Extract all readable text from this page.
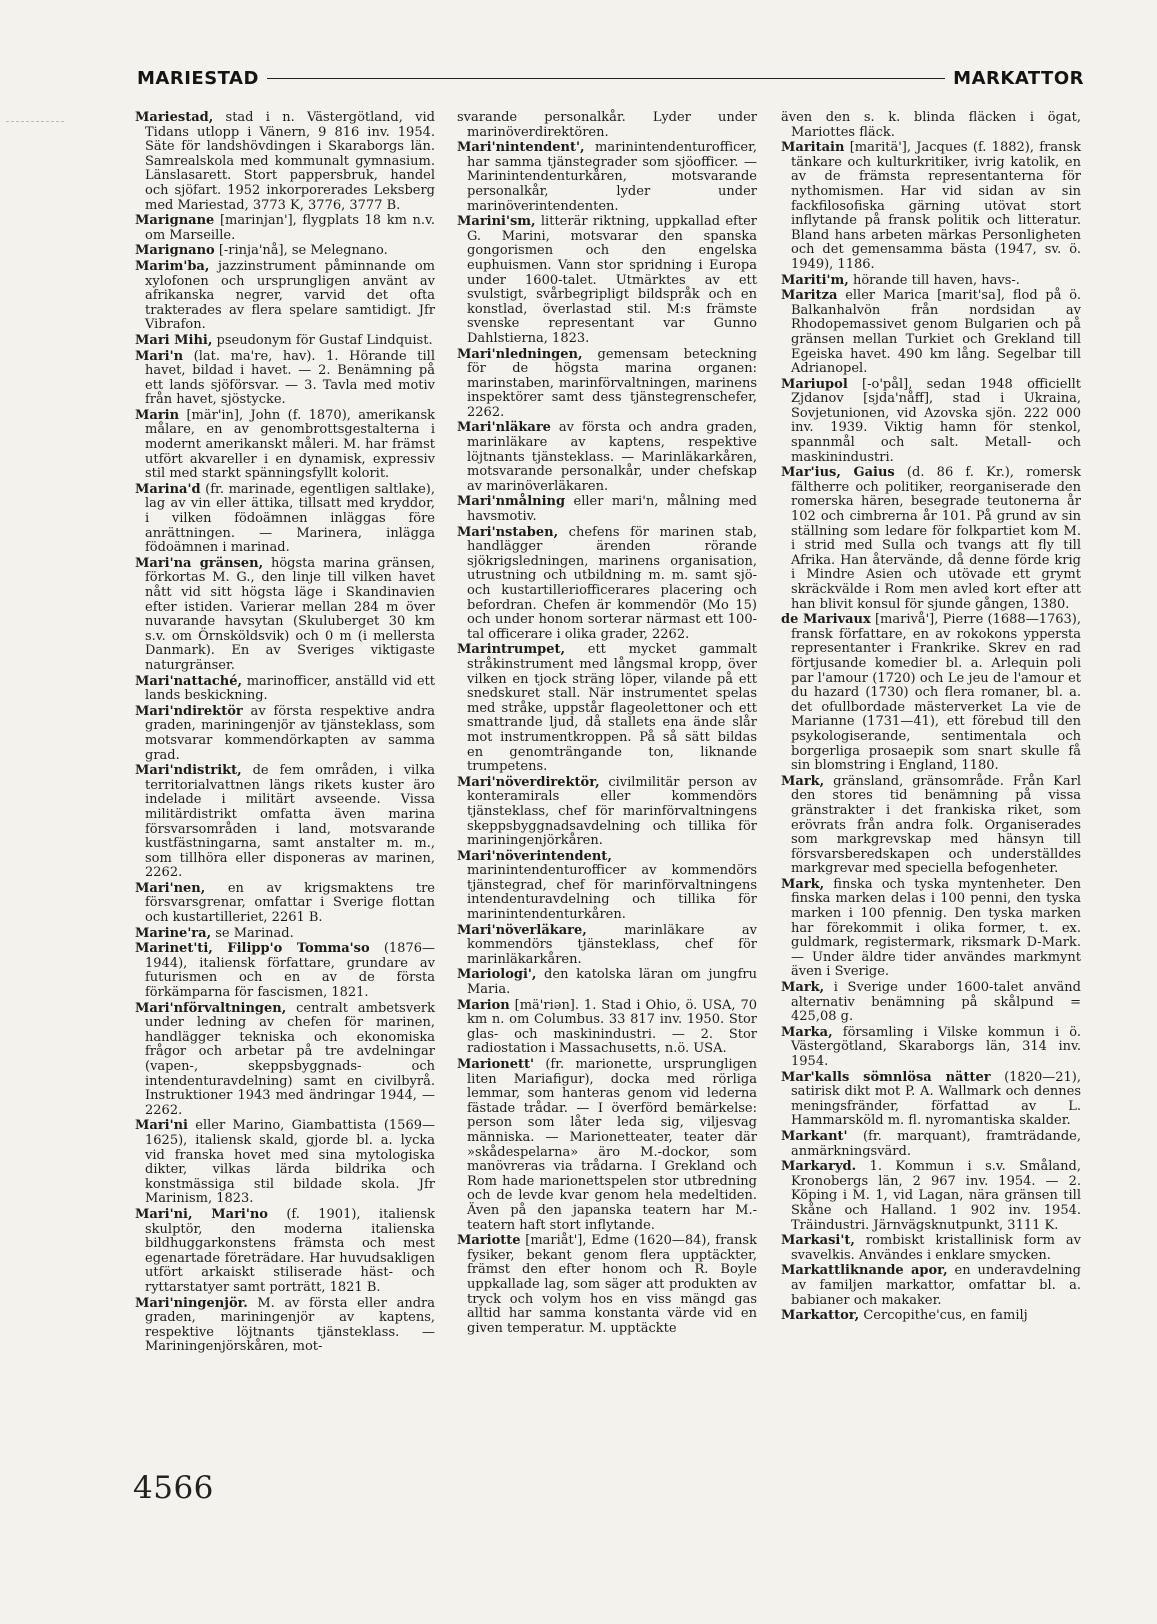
MARIESTAD	MARKATTOR

Mariestad, stad i n. Västergötland, vid Tidans utlopp i Vänern, 9 816 inv. 1954. Säte för landshövdingen i Skaraborgs län. Samrealskola med kommunalt gymnasium. Länslasarett. Stort pappersbruk, handel och sjöfart. 1952 inkorporerades Leksberg med Mariestad, 3773 K, 3776, 3777 B.

Marignane [marinjan'], flygplats 18 km n.v. om Marseille.

Marignano [-rinja'nå], se Melegnano.

Marim'ba, jazzinstrument påminnande om xylofonen och ursprungligen använt av afrikanska negrer, varvid det ofta trakterades av flera spelare samtidigt. Jfr Vibrafon.

Mari Mihi, pseudonym för Gustaf Lindquist.

Mari'n (lat. ma're, hav). 1. Hörande till havet, bildad i havet. — 2. Benämning på ett lands sjöförsvar. — 3. Tavla med motiv från havet, sjöstycke.

Marin [mär'in], John (f. 1870), amerikansk målare, en av genombrottsgestalterna i modernt amerikanskt måleri. M. har främst utfört akvareller i en dynamisk, expressiv stil med starkt spänningsfyllt kolorit.

Marina'd (fr. marinade, egentligen saltlake), lag av vin eller ättika, tillsatt med kryddor, i vilken födoämnen inläggas före anrättningen. — Marinera, inlägga födoämnen i marinad.

Mari'na gränsen, högsta marina gränsen, förkortas M. G., den linje till vilken havet nått vid sitt högsta läge i Skandinavien efter istiden. Varierar mellan 284 m över nuvarande havsytan (Skuluberget 30 km s.v. om Örnsköldsvik) och 0 m (i mellersta Danmark). En av Sveriges viktigaste naturgränser.

Mari'nattaché, marinofficer, anställd vid ett lands beskickning.

Mari'ndirektör av första respektive andra graden, mariningenjör av tjänsteklass, som motsvarar kommendörkapten av samma grad.

Mari'ndistrikt, de fem områden, i vilka territorialvattnen längs rikets kuster äro indelade i militärt avseende. Vissa militärdistrikt omfatta även marina försvarsområden i land, motsvarande kustfästningarna, samt anstalter m. m., som tillhöra eller disponeras av marinen, 2262.

Mari'nen, en av krigsmaktens tre försvarsgrenar, omfattar i Sverige flottan och kustartilleriet, 2261 B.

Marine'ra, se Marinad.

Marinet'ti, Filipp'o Tomma'so (1876—1944), italiensk författare, grundare av futurismen och en av de första förkämparna för fascismen, 1821.

Mari'nförvaltningen, centralt ambetsverk under ledning av chefen för marinen, handlägger tekniska och ekonomiska frågor och arbetar på tre avdelningar (vapen-, skeppsbyggnads- och intendenturavdelning) samt en civilbyrå. Instruktioner 1943 med ändringar 1944, — 2262.

Mari'ni eller Marino, Giambattista (1569—1625), italiensk skald, gjorde bl. a. lycka vid franska hovet med sina mytologiska dikter, vilkas lärda bildrika och konstmässiga stil bildade skola. Jfr Marinism, 1823.

Mari'ni, Mari'no (f. 1901), italiensk skulptör, den moderna italienska bildhuggarkonstens främsta och mest egenartade företrädare. Har huvudsakligen utfört arkaiskt stiliserade häst- och ryttarstatyer samt porträtt, 1821 B.

Mari'ningenjör. M. av första eller andra graden, mariningenjör av kaptens, respektive löjtnants tjänsteklass. — Mariningenjörskåren, mot-

svarande personalkår. Lyder under marinöverdirektören.

Mari'nintendent', marinintendenturofficer, har samma tjänstegrader som sjöofficer. — Marinintendenturkåren, motsvarande personalkår, lyder under marinöverintendenten.

Marini'sm, litterär riktning, uppkallad efter G. Marini, motsvarar den spanska gongorismen och den engelska euphuismen. Vann stor spridning i Europa under 1600-talet. Utmärktes av ett svulstigt, svårbegripligt bildspråk och en konstlad, överlastad stil. M:s främste svenske representant var Gunno Dahlstierna, 1823.

Mari'nledningen, gemensam beteckning för de högsta marina organen: marinstaben, marinförvaltningen, marinens inspektörer samt dess tjänstegrenschefer, 2262.

Mari'nläkare av första och andra graden, marinläkare av kaptens, respektive löjtnants tjänsteklass. — Marinläkarkåren, motsvarande personalkår, under chefskap av marinöverläkaren.

Mari'nmålning eller mari'n, målning med havsmotiv.

Mari'nstaben, chefens för marinen stab, handlägger ärenden rörande sjökrigsledningen, marinens organisation, utrustning och utbildning m. m. samt sjö- och kustartilleriofficerares placering och befordran. Chefen är kommendör (Mo 15) och under honom sorterar närmast ett 100-tal officerare i olika grader, 2262.

Marintrumpet, ett mycket gammalt stråkinstrument med långsmal kropp, över vilken en tjock sträng löper, vilande på ett snedskuret stall. När instrumentet spelas med stråke, uppstår flageolettoner och ett smattrande ljud, då stallets ena ände slår mot instrumentkroppen. På så sätt bildas en genomträngande ton, liknande trumpetens.

Mari'növerdirektör, civilmilitär person av konteramirals eller kommendörs tjänsteklass, chef för marinförvaltningens skeppsbyggnadsavdelning och tillika för mariningenjörkåren.

Mari'növerintendent, marinintendenturofficer av kommendörs tjänstegrad, chef för marinförvaltningens intendenturavdelning och tillika för marinintendenturkåren.

Mari'növerläkare, marinläkare av kommendörs tjänsteklass, chef för marinläkarkåren.

Mariologi', den katolska läran om jungfru Maria.

Marion [mä'riən]. 1. Stad i Ohio, ö. USA, 70 km n. om Columbus. 33 817 inv. 1950. Stor glas- och maskinindustri. — 2. Stor radiostation i Massachusetts, n.ö. USA.

Marionett' (fr. marionette, ursprungligen liten Mariafigur), docka med rörliga lemmar, som hanteras genom vid lederna fästade trådar. — I överförd bemärkelse: person som låter leda sig, viljesvag människa. — Marionetteater, teater där »skådespelarna» äro M.-dockor, som manövreras via trådarna. I Grekland och Rom hade marionettspelen stor utbredning och de levde kvar genom hela medeltiden. Även på den japanska teatern har M.-teatern haft stort inflytande.

Mariotte [mariåt'], Edme (1620—84), fransk fysiker, bekant genom flera upptäckter, främst den efter honom och R. Boyle uppkallade lag, som säger att produkten av tryck och volym hos en viss mängd gas alltid har samma konstanta värde vid en given temperatur. M. upptäckte

även den s. k. blinda fläcken i ögat, Mariottes fläck.

Maritain [maritä'], Jacques (f. 1882), fransk tänkare och kulturkritiker, ivrig katolik, en av de främsta representanterna för nythomismen. Har vid sidan av sin fackfilosofiska gärning utövat stort inflytande på fransk politik och litteratur. Bland hans arbeten märkas Personligheten och det gemensamma bästa (1947, sv. ö. 1949), 1186.

Mariti'm, hörande till haven, havs-.

Maritza eller Marica [marit'sa], flod på ö. Balkanhalvön från nordsidan av Rhodopemassivet genom Bulgarien och på gränsen mellan Turkiet och Grekland till Egeiska havet. 490 km lång. Segelbar till Adrianopel.

Mariupol [-o'pål], sedan 1948 officiellt Zjdanov [sjda'nåff], stad i Ukraina, Sovjetunionen, vid Azovska sjön. 222 000 inv. 1939. Viktig hamn för stenkol, spannmål och salt. Metall- och maskinindustri.

Mar'ius, Gaius (d. 86 f. Kr.), romersk fältherre och politiker, reorganiserade den romerska hären, besegrade teutonerna år 102 och cimbrerna år 101. På grund av sin ställning som ledare för folkpartiet kom M. i strid med Sulla och tvangs att fly till Afrika. Han återvände, då denne förde krig i Mindre Asien och utövade ett grymt skräckvälde i Rom men avled kort efter att han blivit konsul för sjunde gången, 1380.

de Marivaux [marivå'], Pierre (1688—1763), fransk författare, en av rokokons yppersta representanter i Frankrike. Skrev en rad förtjusande komedier bl. a. Arlequin poli par l'amour (1720) och Le jeu de l'amour et du hazard (1730) och flera romaner, bl. a. det ofullbordade mästerverket La vie de Marianne (1731—41), ett förebud till den psykologiserande, sentimentala och borgerliga prosaepik som snart skulle få sin blomstring i England, 1180.

Mark, gränsland, gränsområde. Från Karl den stores tid benämning på vissa gränstrakter i det frankiska riket, som erövrats från andra folk. Organiserades som markgrevskap med hänsyn till försvarsberedskapen och underställdes markgrevar med speciella befogenheter.

Mark, finska och tyska myntenheter. Den finska marken delas i 100 penni, den tyska marken i 100 pfennig. Den tyska marken har förekommit i olika former, t. ex. guldmark, registermark, riksmark D-Mark. — Under äldre tider användes markmynt även i Sverige.

Mark, i Sverige under 1600-talet använd alternativ benämning på skålpund = 425,08 g.

Marka, församling i Vilske kommun i ö. Västergötland, Skaraborgs län, 314 inv. 1954.

Mar'kalls sömnlösa nätter (1820—21), satirisk dikt mot P. A. Wallmark och dennes meningsfränder, författad av L. Hammarsköld m. fl. nyromantiska skalder.

Markant' (fr. marquant), framträdande, anmärkningsvärd.

Markaryd. 1. Kommun i s.v. Småland, Kronobergs län, 2 967 inv. 1954. — 2. Köping i M. 1, vid Lagan, nära gränsen till Skåne och Halland. 1 902 inv. 1954. Träindustri. Järnvägsknutpunkt, 3111 K.

Markasi't, rombiskt kristallinisk form av svavelkis. Användes i enklare smycken.

Markattliknande apor, en underavdelning av familjen markattor, omfattar bl. a. babianer och makaker.

Markattor, Cercopithe'cus, en familj

4566
